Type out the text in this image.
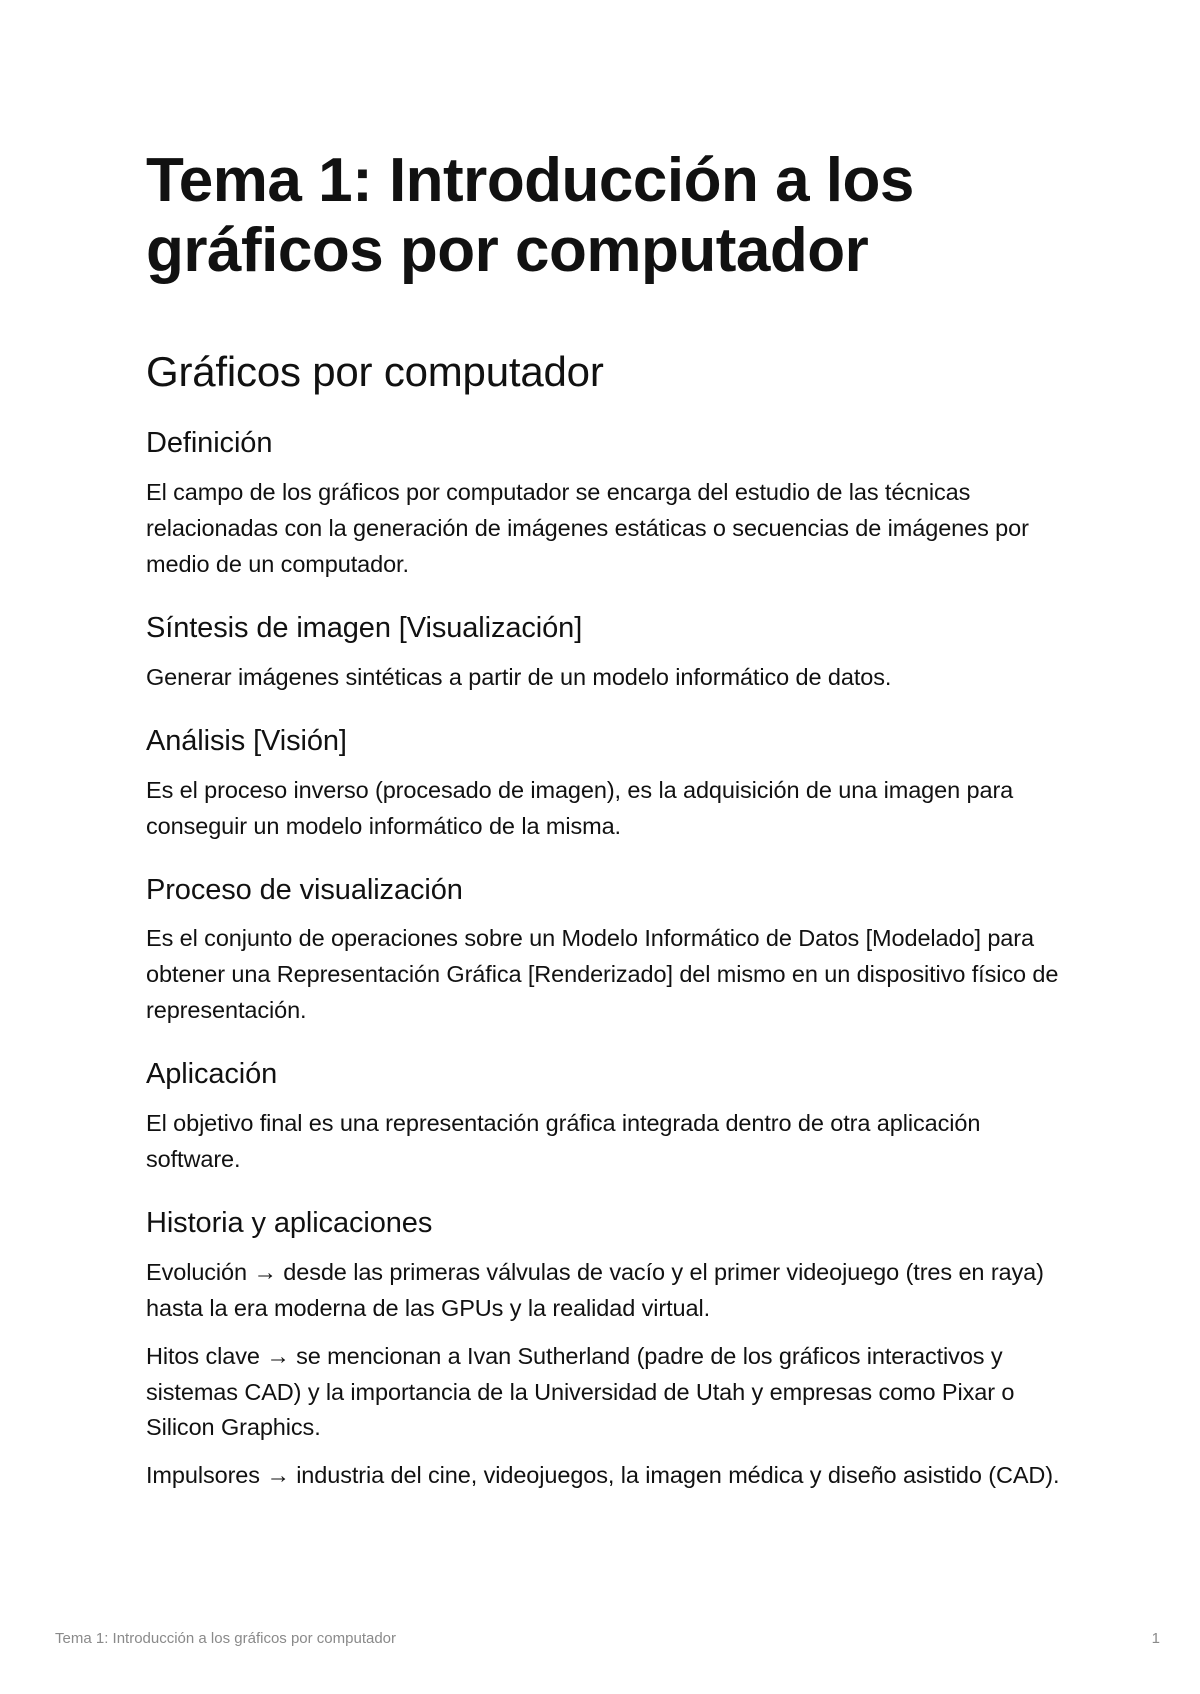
Tema 1: Introducción a los gráficos por computador
Gráficos por computador
Definición

El campo de los gráficos por computador se encarga del estudio de las técnicas relacionadas con la generación de imágenes estáticas o secuencias de imágenes por medio de un computador.

Síntesis de imagen [Visualización]

Generar imágenes sintéticas a partir de un modelo informático de datos.

Análisis [Visión]

Es el proceso inverso (procesado de imagen), es la adquisición de una imagen para conseguir un modelo informático de la misma.

Proceso de visualización

Es el conjunto de operaciones sobre un Modelo Informático de Datos [Modelado] para obtener una Representación Gráfica [Renderizado] del mismo en un dispositivo físico de representación.

Aplicación

El objetivo final es una representación gráfica integrada dentro de otra aplicación software.

Historia y aplicaciones

Evolución → desde las primeras válvulas de vacío y el primer videojuego (tres en raya) hasta la era moderna de las GPUs y la realidad virtual.

Hitos clave → se mencionan a Ivan Sutherland (padre de los gráficos interactivos y sistemas CAD) y la importancia de la Universidad de Utah y empresas como Pixar o Silicon Graphics.

Impulsores → industria del cine, videojuegos, la imagen médica y diseño asistido (CAD).

Tema 1: Introducción a los gráficos por computador	1
